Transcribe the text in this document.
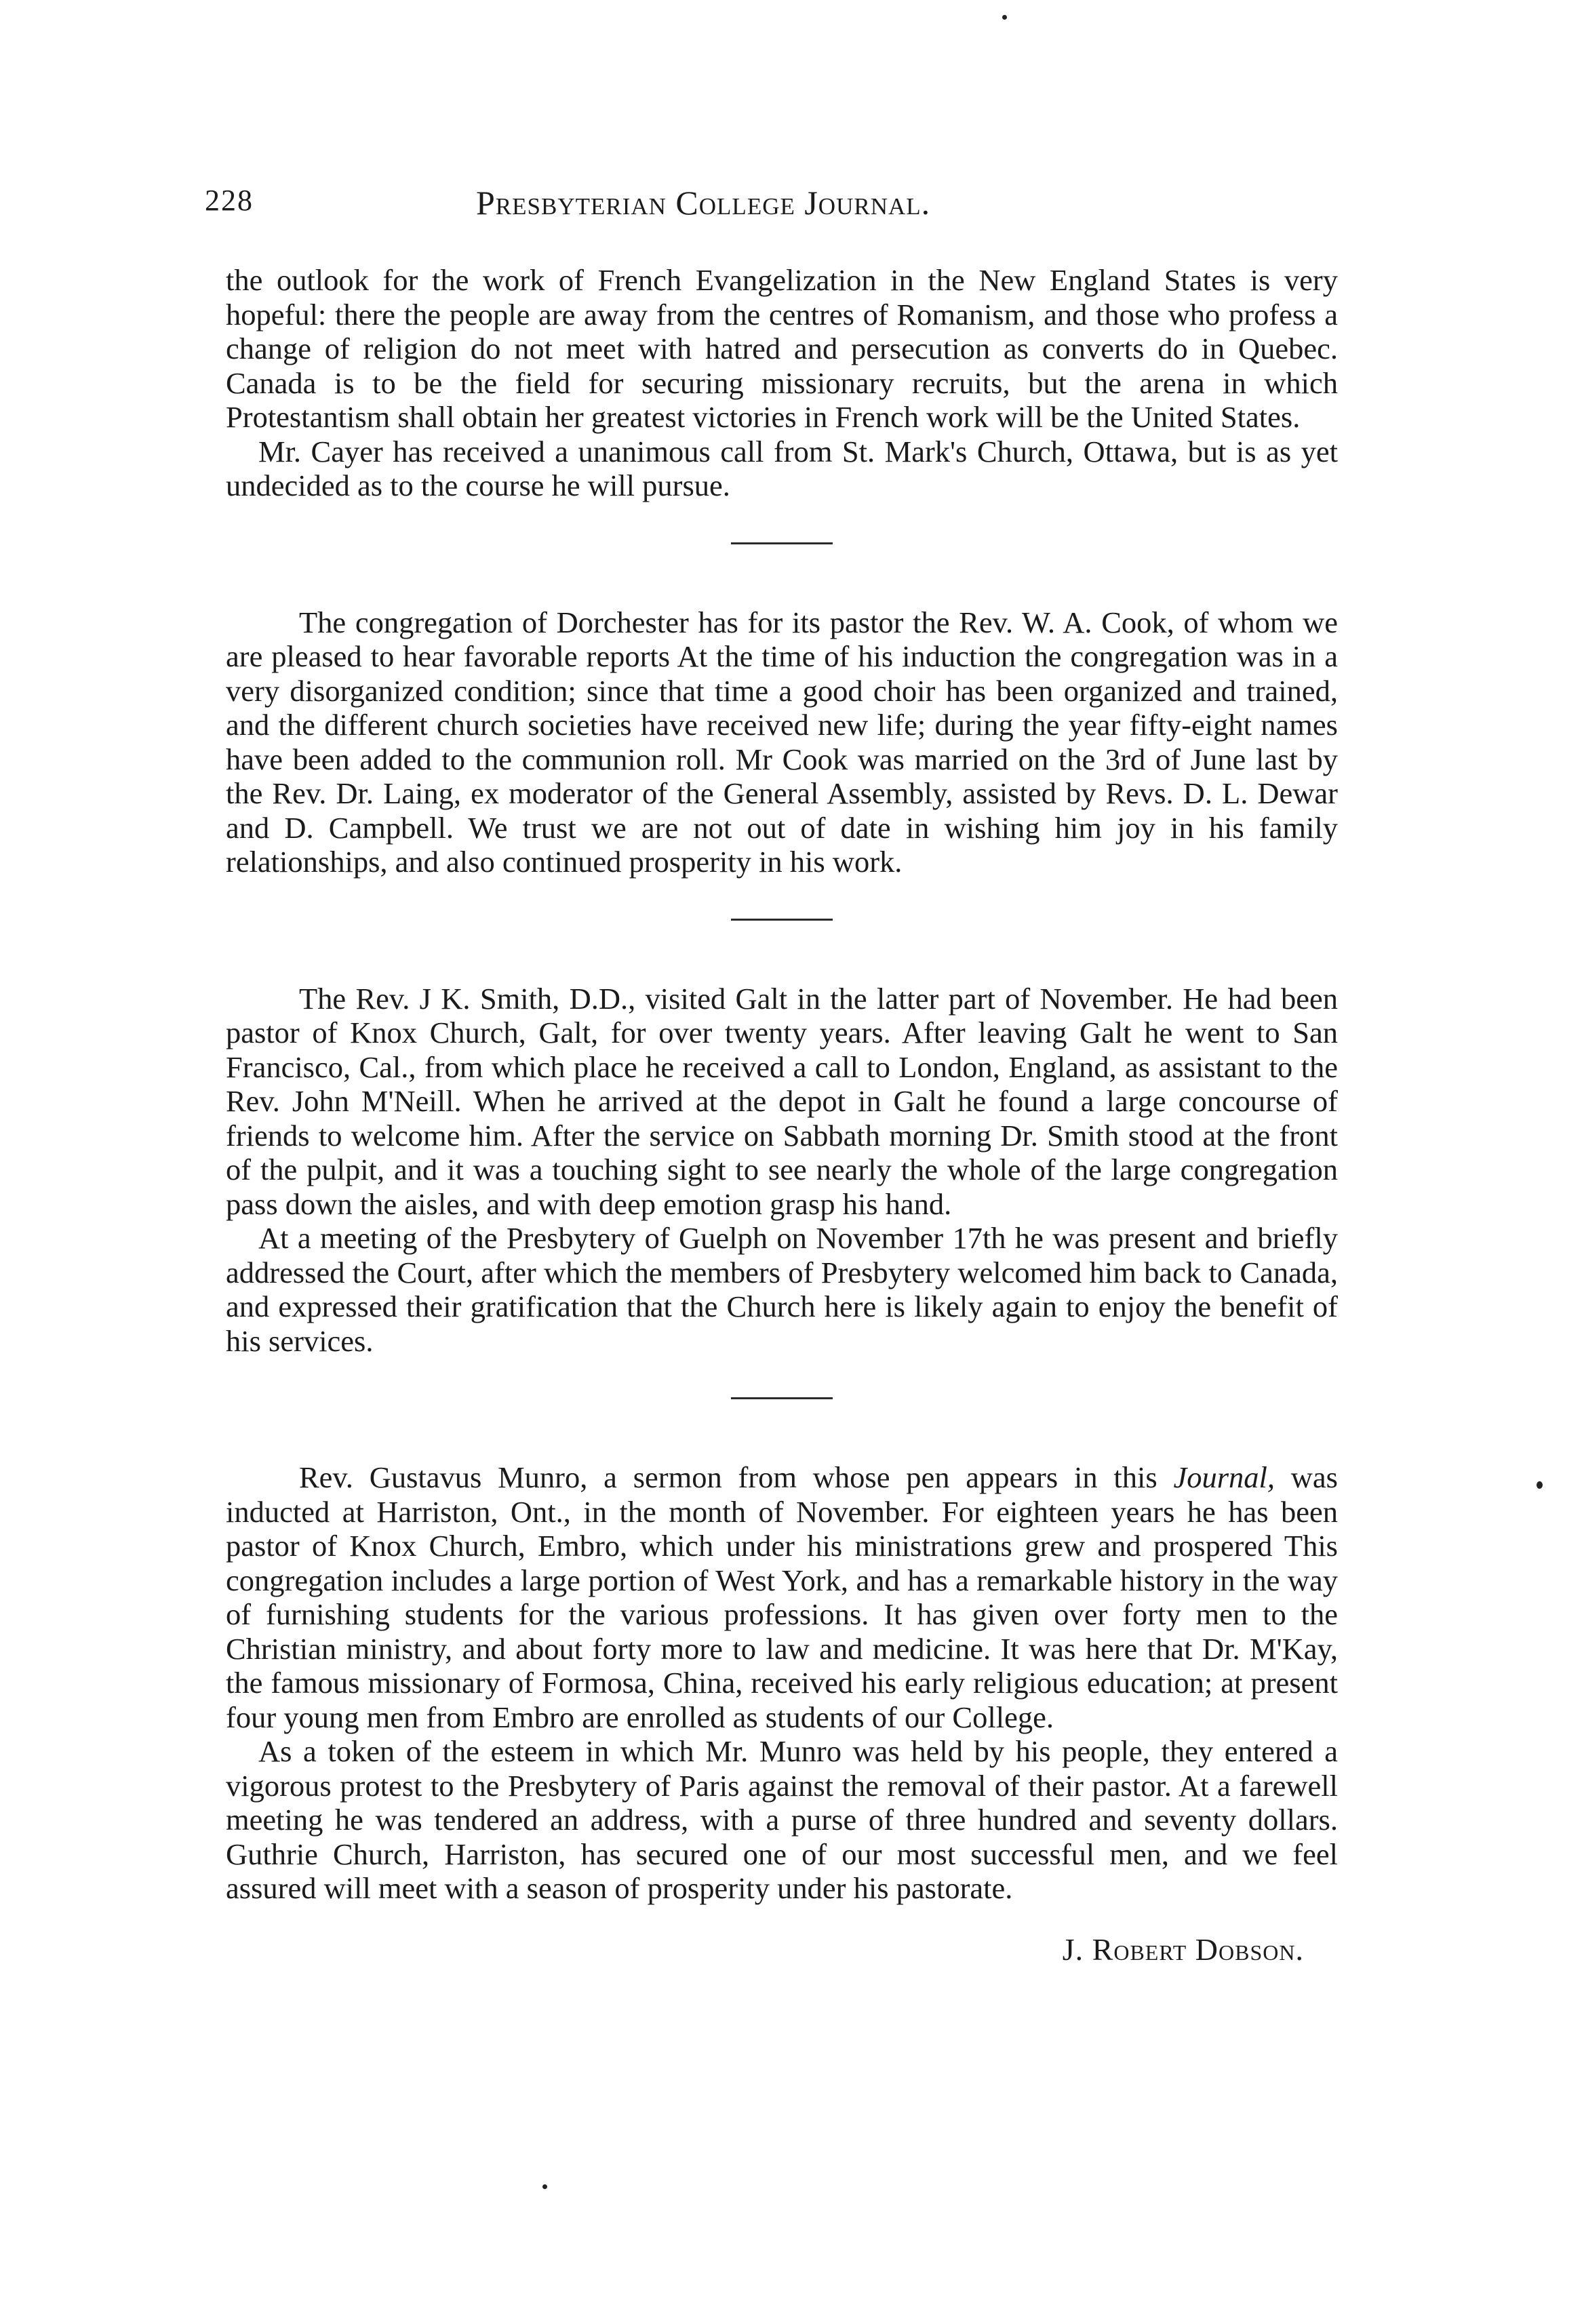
228	Presbyterian College Journal.

the outlook for the work of French Evangelization in the New England States is very hopeful: there the people are away from the centres of Romanism, and those who profess a change of religion do not meet with hatred and persecution as converts do in Quebec. Canada is to be the field for securing missionary recruits, but the arena in which Protestantism shall obtain her greatest victories in French work will be the United States.

Mr. Cayer has received a unanimous call from St. Mark's Church, Ottawa, but is as yet undecided as to the course he will pursue.

The congregation of Dorchester has for its pastor the Rev. W. A. Cook, of whom we are pleased to hear favorable reports At the time of his induction the congregation was in a very disorganized condition; since that time a good choir has been organized and trained, and the different church societies have received new life; during the year fifty-eight names have been added to the communion roll. Mr Cook was married on the 3rd of June last by the Rev. Dr. Laing, ex moderator of the General Assembly, assisted by Revs. D. L. Dewar and D. Campbell. We trust we are not out of date in wishing him joy in his family relationships, and also continued prosperity in his work.

The Rev. J K. Smith, D.D., visited Galt in the latter part of November. He had been pastor of Knox Church, Galt, for over twenty years. After leaving Galt he went to San Francisco, Cal., from which place he received a call to London, England, as assistant to the Rev. John M'Neill. When he arrived at the depot in Galt he found a large concourse of friends to welcome him. After the service on Sabbath morning Dr. Smith stood at the front of the pulpit, and it was a touching sight to see nearly the whole of the large congregation pass down the aisles, and with deep emotion grasp his hand.

At a meeting of the Presbytery of Guelph on November 17th he was present and briefly addressed the Court, after which the members of Presbytery welcomed him back to Canada, and expressed their gratification that the Church here is likely again to enjoy the benefit of his services.

Rev. Gustavus Munro, a sermon from whose pen appears in this Journal, was inducted at Harriston, Ont., in the month of November. For eighteen years he has been pastor of Knox Church, Embro, which under his ministrations grew and prospered This congregation includes a large portion of West York, and has a remarkable history in the way of furnishing students for the various professions. It has given over forty men to the Christian ministry, and about forty more to law and medicine. It was here that Dr. M'Kay, the famous missionary of Formosa, China, received his early religious education; at present four young men from Embro are enrolled as students of our College.

As a token of the esteem in which Mr. Munro was held by his people, they entered a vigorous protest to the Presbytery of Paris against the removal of their pastor. At a farewell meeting he was tendered an address, with a purse of three hundred and seventy dollars. Guthrie Church, Harriston, has secured one of our most successful men, and we feel assured will meet with a season of prosperity under his pastorate.

J. Robert Dobson.
